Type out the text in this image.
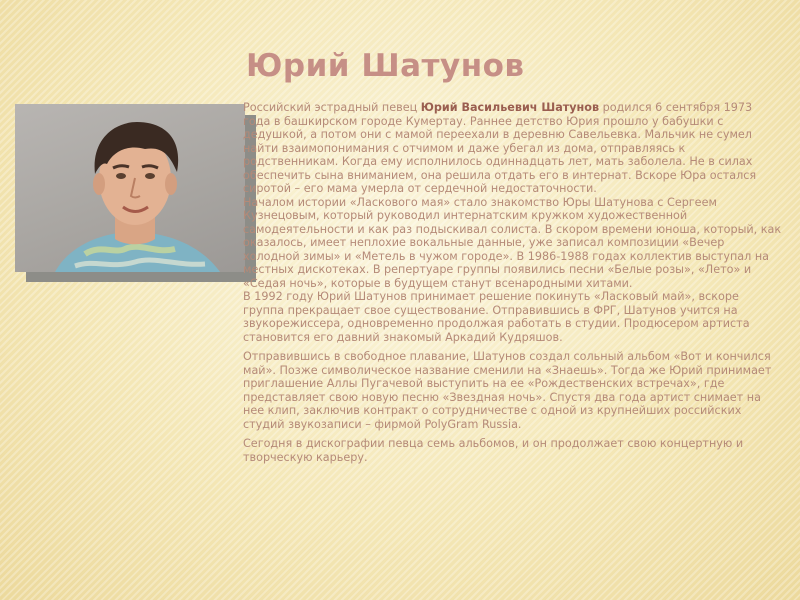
Юрий Шатунов

Российский эстрадный певец Юрий Васильевич Шатунов родился 6 сентября 1973 года в башкирском городе Кумертау. Раннее детство Юрия прошло у бабушки с дедушкой, а потом они с мамой переехали в деревню Савельевка. Мальчик не сумел найти взаимопонимания с отчимом и даже убегал из дома, отправляясь к родственникам. Когда ему исполнилось одиннадцать лет, мать заболела. Не в силах обеспечить сына вниманием, она решила отдать его в интернат. Вскоре Юра остался сиротой – его мама умерла от сердечной недостаточности.

Началом истории «Ласкового мая» стало знакомство Юры Шатунова с Сергеем Кузнецовым, который руководил интернатским кружком художественной самодеятельности и как раз подыскивал солиста. В скором времени юноша, который, как оказалось, имеет неплохие вокальные данные, уже записал композиции «Вечер холодной зимы» и «Метель в чужом городе». В 1986-1988 годах коллектив выступал на местных дискотеках. В репертуаре группы появились песни «Белые розы», «Лето» и «Седая ночь», которые в будущем станут всенародными хитами.

В 1992 году Юрий Шатунов принимает решение покинуть «Ласковый май», вскоре группа прекращает свое существование. Отправившись в ФРГ, Шатунов учится на звукорежиссера, одновременно продолжая работать в студии. Продюсером артиста становится его давний знакомый Аркадий Кудряшов.

Отправившись в свободное плавание, Шатунов создал сольный альбом «Вот и кончился май». Позже символическое название сменили на «Знаешь». Тогда же Юрий принимает приглашение Аллы Пугачевой выступить на ее «Рождественских встречах», где представляет свою новую песню «Звездная ночь». Спустя два года артист снимает на нее клип, заключив контракт о сотрудничестве с одной из крупнейших российских студий звукозаписи – фирмой PolyGram Russia.

Сегодня в дискографии певца семь альбомов, и он продолжает свою концертную и творческую карьеру.
